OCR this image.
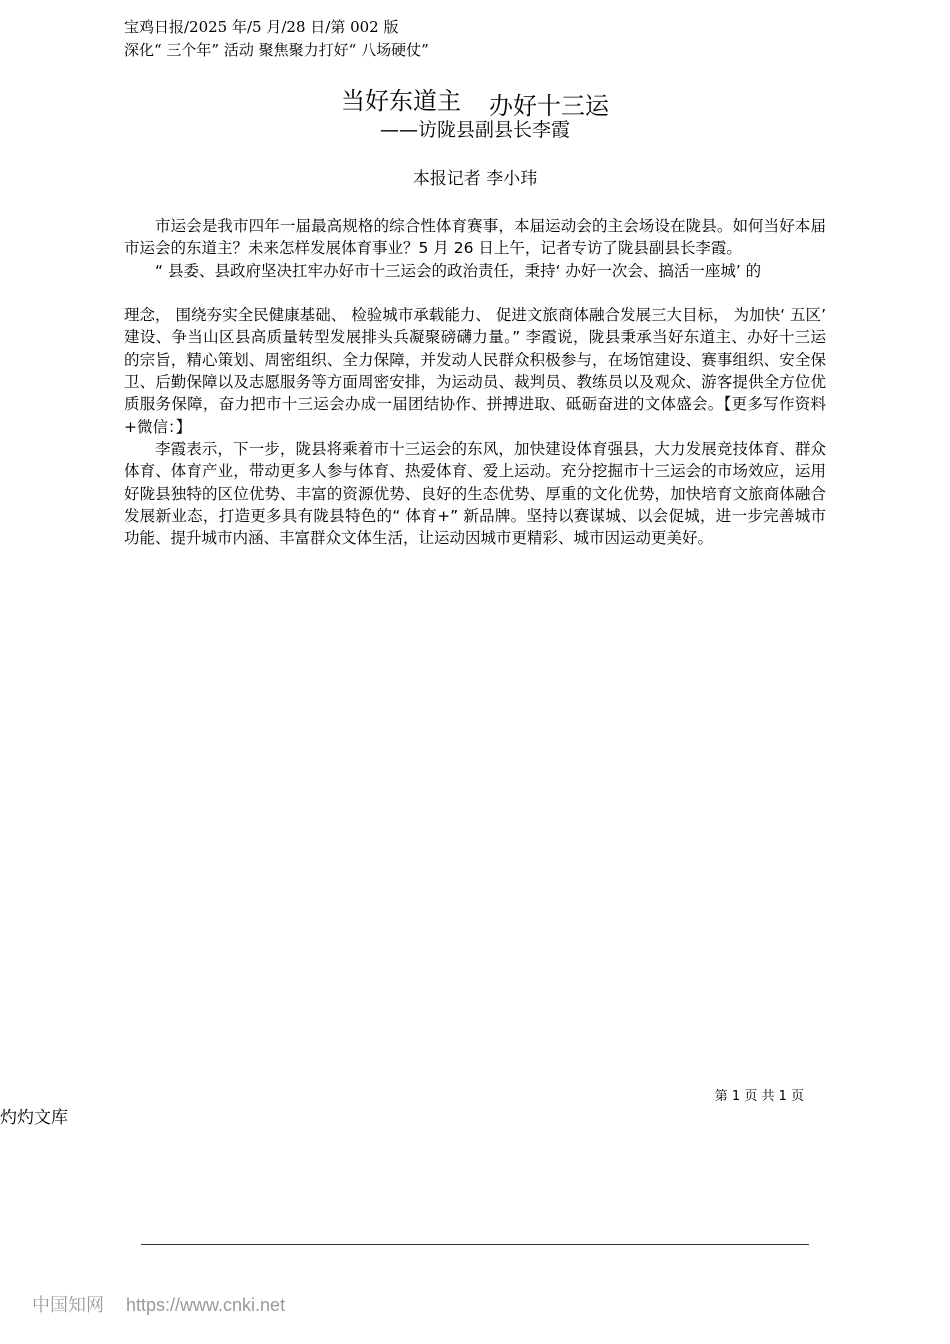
宝鸡日报/2025 年/5 月/28 日/第 002 版
深化“ 三个年” 活动 聚焦聚力打好“ 八场硬仗”
当好东道主 办好十三运
——访陇县副县长李霞
本报记者 李小玮

市运会是我市四年一届最高规格的综合性体育赛事，本届运动会的主会场设在陇县。如何当好本届市运会的东道主？未来怎样发展体育事业？5 月 26 日上午，记者专访了陇县副县长李霞。

“ 县委、县政府坚决扛牢办好市十三运会的政治责任，秉持‘ 办好一次会、搞活一座城’ 的

理念， 围绕夯实全民健康基础、 检验城市承载能力、 促进文旅商体融合发展三大目标， 为加快‘ 五区’ 建设、争当山区县高质量转型发展排头兵凝聚磅礴力量。” 李霞说，陇县秉承当好东道主、办好十三运的宗旨，精心策划、周密组织、全力保障，并发动人民群众积极参与，在场馆建设、赛事组织、安全保卫、后勤保障以及志愿服务等方面周密安排，为运动员、裁判员、教练员以及观众、游客提供全方位优质服务保障，奋力把市十三运会办成一届团结协作、拼搏进取、砥砺奋进的文体盛会。【更多写作资料+微信：】

李霞表示，下一步，陇县将乘着市十三运会的东风，加快建设体育强县，大力发展竞技体育、群众体育、体育产业，带动更多人参与体育、热爱体育、爱上运动。充分挖掘市十三运会的市场效应，运用好陇县独特的区位优势、丰富的资源优势、良好的生态优势、厚重的文化优势，加快培育文旅商体融合发展新业态，打造更多具有陇县特色的“ 体育+” 新品牌。坚持以赛谋城、以会促城，进一步完善城市功能、提升城市内涵、丰富群众文体生活，让运动因城市更精彩、城市因运动更美好。

第 1 页 共 1 页
灼灼文库
中国知网 https://www.cnki.net
